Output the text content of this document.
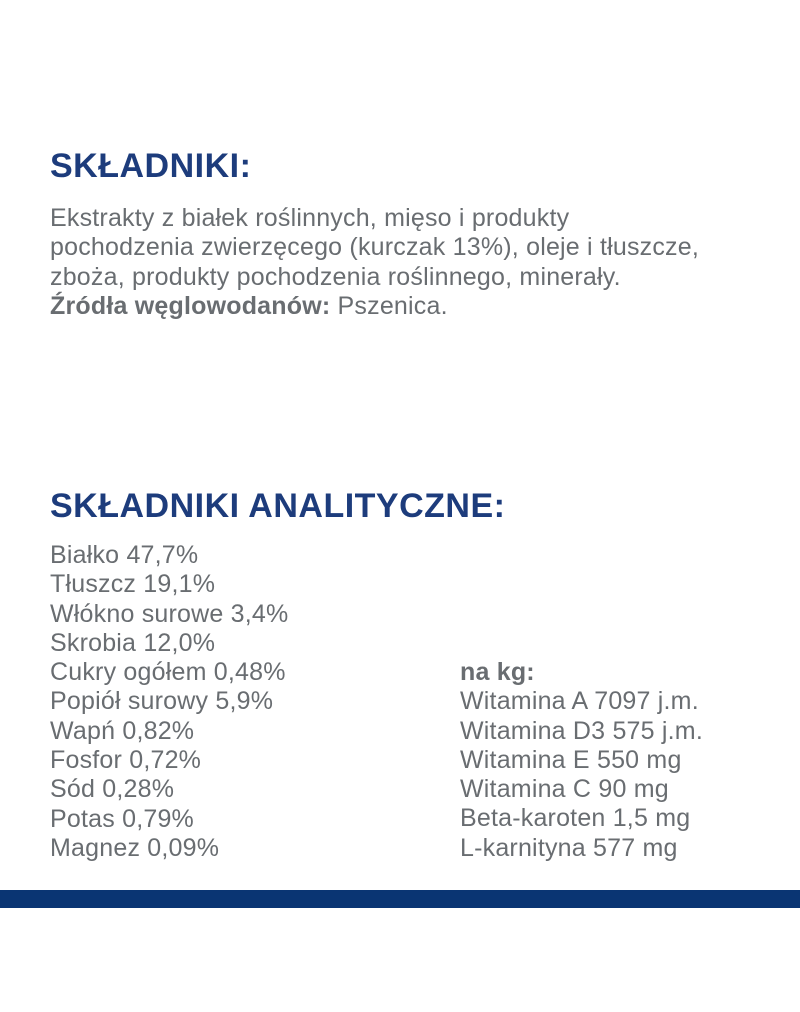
SKŁADNIKI:
Ekstrakty z białek roślinnych, mięso i produkty
pochodzenia zwierzęcego (kurczak 13%), oleje i tłuszcze,
zboża, produkty pochodzenia roślinnego, minerały.
Źródła węglowodanów: Pszenica.
SKŁADNIKI ANALITYCZNE:
Białko 47,7%
Tłuszcz 19,1%
Włókno surowe 3,4%
Skrobia 12,0%
Cukry ogółem 0,48%
Popiół surowy 5,9%
Wapń 0,82%
Fosfor 0,72%
Sód 0,28%
Potas 0,79%
Magnez 0,09%
na kg:
Witamina A 7097 j.m.
Witamina D3 575 j.m.
Witamina E 550 mg
Witamina C 90 mg
Beta-karoten 1,5 mg
L-karnityna 577 mg
